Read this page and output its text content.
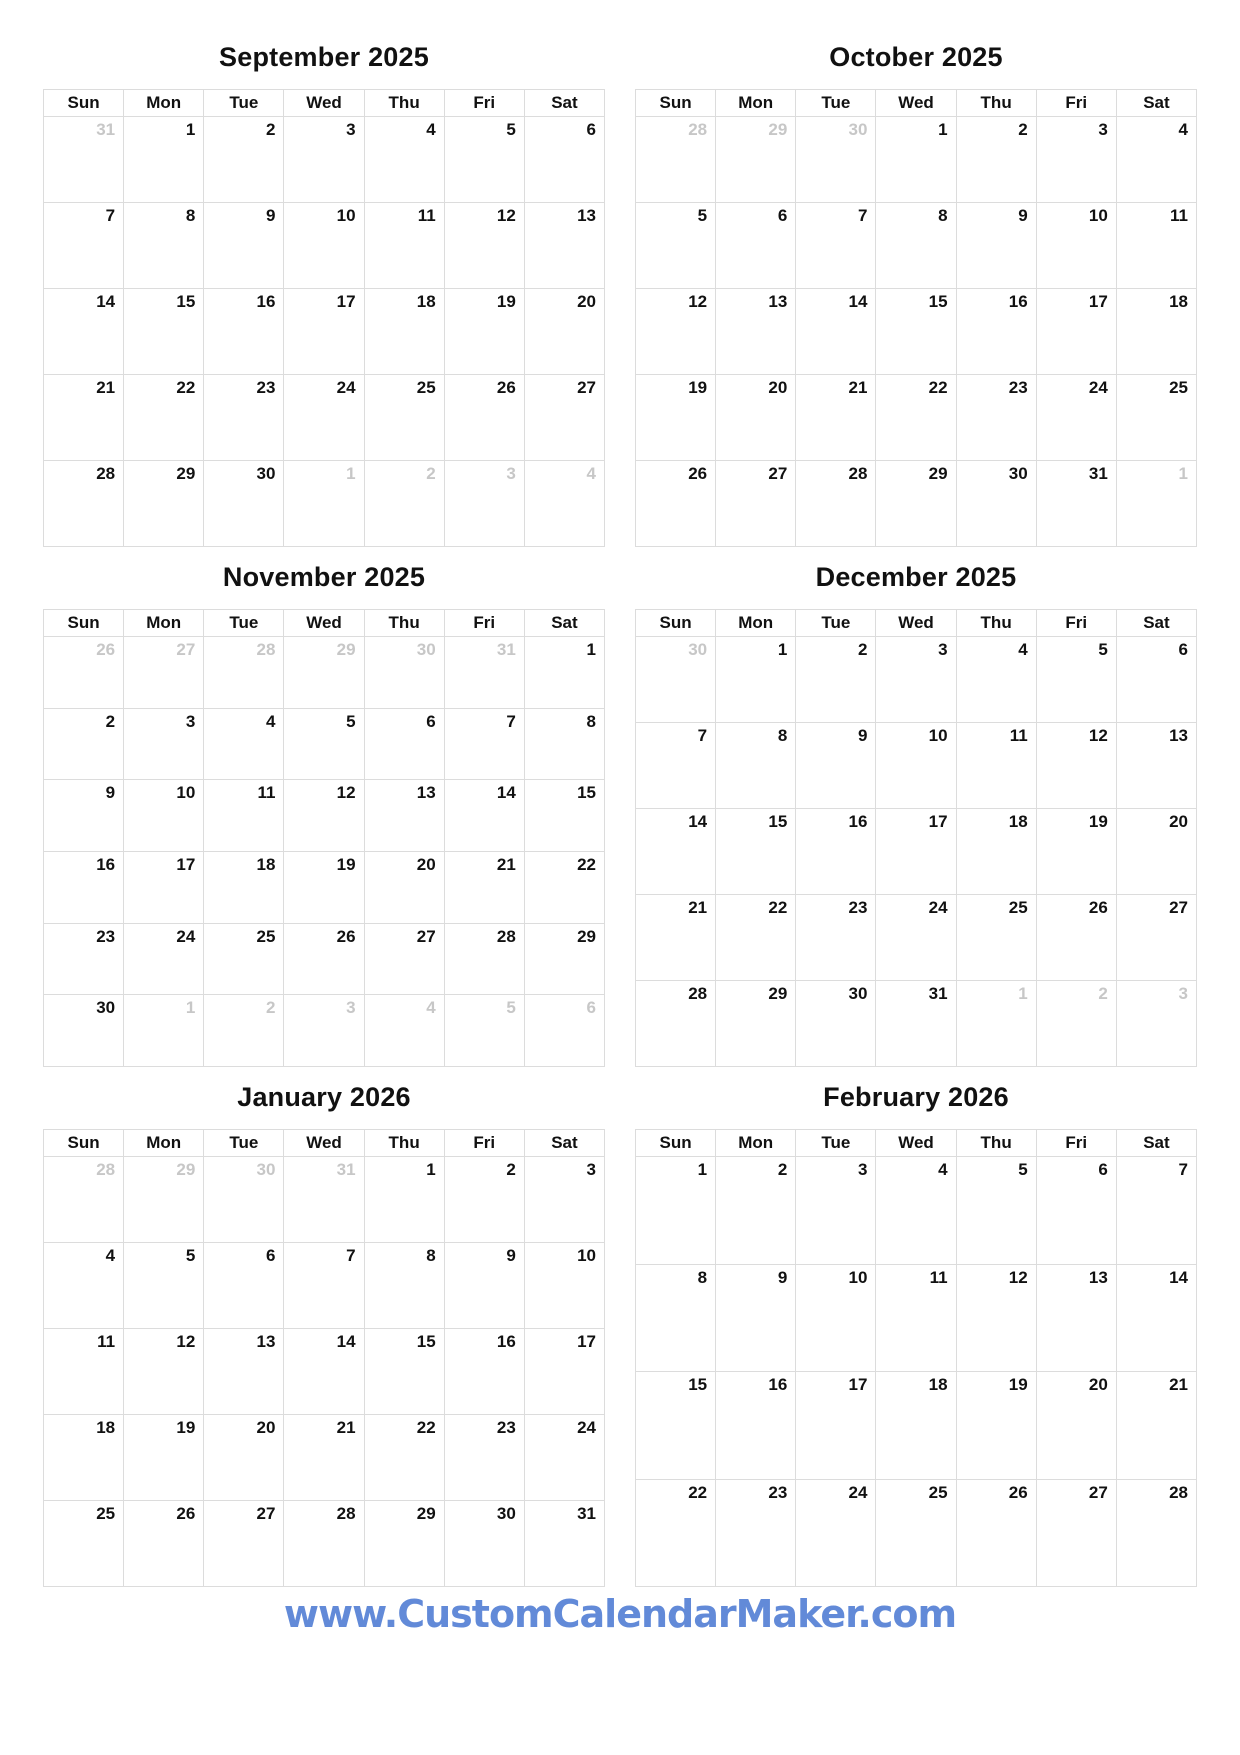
September 2025
Sun	Mon	Tue	Wed	Thu	Fri	Sat
31	1	2	3	4	5	6
7	8	9	10	11	12	13
14	15	16	17	18	19	20
21	22	23	24	25	26	27
28	29	30	1	2	3	4
October 2025
Sun	Mon	Tue	Wed	Thu	Fri	Sat
28	29	30	1	2	3	4
5	6	7	8	9	10	11
12	13	14	15	16	17	18
19	20	21	22	23	24	25
26	27	28	29	30	31	1
November 2025
Sun	Mon	Tue	Wed	Thu	Fri	Sat
26	27	28	29	30	31	1
2	3	4	5	6	7	8
9	10	11	12	13	14	15
16	17	18	19	20	21	22
23	24	25	26	27	28	29
30	1	2	3	4	5	6
December 2025
Sun	Mon	Tue	Wed	Thu	Fri	Sat
30	1	2	3	4	5	6
7	8	9	10	11	12	13
14	15	16	17	18	19	20
21	22	23	24	25	26	27
28	29	30	31	1	2	3
January 2026
Sun	Mon	Tue	Wed	Thu	Fri	Sat
28	29	30	31	1	2	3
4	5	6	7	8	9	10
11	12	13	14	15	16	17
18	19	20	21	22	23	24
25	26	27	28	29	30	31
February 2026
Sun	Mon	Tue	Wed	Thu	Fri	Sat
1	2	3	4	5	6	7
8	9	10	11	12	13	14
15	16	17	18	19	20	21
22	23	24	25	26	27	28
www.CustomCalendarMaker.com
